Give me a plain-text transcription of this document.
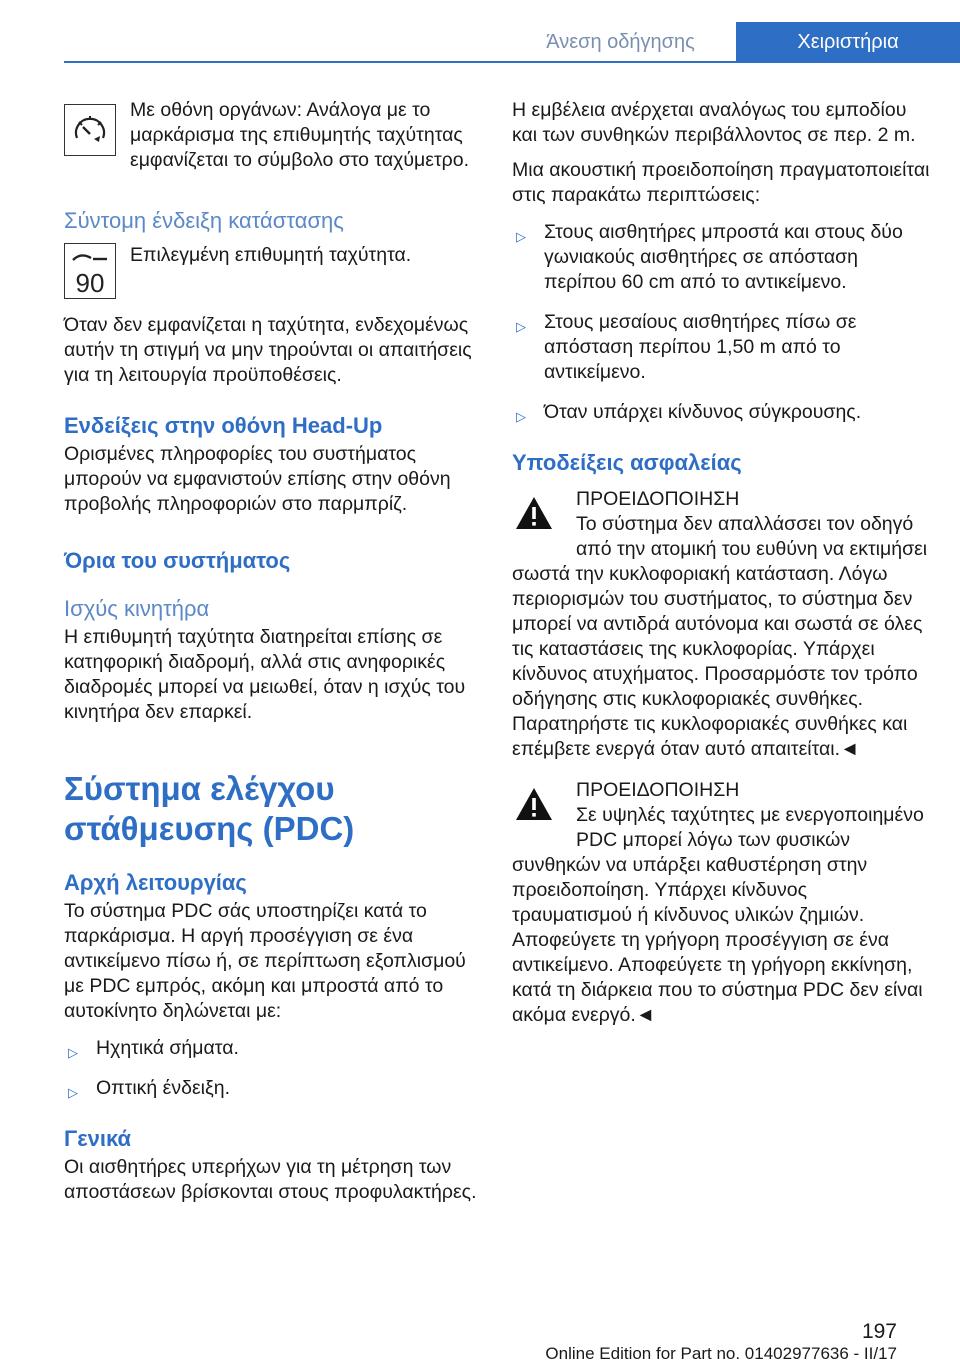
Άνεση οδήγησης	Χειριστήρια

Με οθόνη οργάνων: Ανάλογα με το μαρκάρισμα της επιθυμητής ταχύτητας εμφανίζεται το σύμβολο στο ταχύμετρο.

Σύντομη ένδειξη κατάστασης
90

Επιλεγμένη επιθυμητή ταχύτητα.

Όταν δεν εμφανίζεται η ταχύτητα, ενδεχομένως αυτήν τη στιγμή να μην τηρούνται οι απαιτήσεις για τη λειτουργία προϋποθέσεις.

Ενδείξεις στην οθόνη Head-Up

Ορισμένες πληροφορίες του συστήματος μπορούν να εμφανιστούν επίσης στην οθόνη προβολής πληροφοριών στο παρμπρίζ.

Όρια του συστήματος
Ισχύς κινητήρα

Η επιθυμητή ταχύτητα διατηρείται επίσης σε κατηφορική διαδρομή, αλλά στις ανηφορικές διαδρομές μπορεί να μειωθεί, όταν η ισχύς του κινητήρα δεν επαρκεί.

Σύστημα ελέγχου
στάθμευσης (PDC)
Αρχή λειτουργίας

Το σύστημα PDC σάς υποστηρίζει κατά το παρκάρισμα. Η αργή προσέγγιση σε ένα αντικείμενο πίσω ή, σε περίπτωση εξοπλισμού με PDC εμπρός, ακόμη και μπροστά από το αυτοκίνητο δηλώνεται με:

▷ Ηχητικά σήματα.
▷ Οπτική ένδειξη.
Γενικά

Οι αισθητήρες υπερήχων για τη μέτρηση των αποστάσεων βρίσκονται στους προφυλακτήρες.

Η εμβέλεια ανέρχεται αναλόγως του εμποδίου και των συνθηκών περιβάλλοντος σε περ. 2 m.

Μια ακουστική προειδοποίηση πραγματοποιείται στις παρακάτω περιπτώσεις:

▷ Στους αισθητήρες μπροστά και στους δύο γωνιακούς αισθητήρες σε απόσταση περίπου 60 cm από το αντικείμενο.
▷ Στους μεσαίους αισθητήρες πίσω σε απόσταση περίπου 1,50 m από το αντικείμενο.
▷ Όταν υπάρχει κίνδυνος σύγκρουσης.
Υποδείξεις ασφαλείας

ΠΡΟΕΙΔΟΠΟΙΗΣΗ

Το σύστημα δεν απαλλάσσει τον οδηγό από την ατομική του ευθύνη να εκτιμήσει σωστά την κυκλοφοριακή κατάσταση. Λόγω περιορισμών του συστήματος, το σύστημα δεν μπορεί να αντιδρά αυτόνομα και σωστά σε όλες τις καταστάσεις της κυκλοφορίας. Υπάρχει κίνδυνος ατυχήματος. Προσαρμόστε τον τρόπο οδήγησης στις κυκλοφοριακές συνθήκες. Παρατηρήστε τις κυκλοφοριακές συνθήκες και επέμβετε ενεργά όταν αυτό απαιτείται.◄

ΠΡΟΕΙΔΟΠΟΙΗΣΗ

Σε υψηλές ταχύτητες με ενεργοποιημένο PDC μπορεί λόγω των φυσικών συνθηκών να υπάρξει καθυστέρηση στην προειδοποίηση. Υπάρχει κίνδυνος τραυματισμού ή κίνδυνος υλικών ζημιών. Αποφεύγετε τη γρήγορη προσέγγιση σε ένα αντικείμενο. Αποφεύγετε τη γρήγορη εκκίνηση, κατά τη διάρκεια που το σύστημα PDC δεν είναι ακόμα ενεργό.◄

197
Online Edition for Part no. 01402977636 - II/17
